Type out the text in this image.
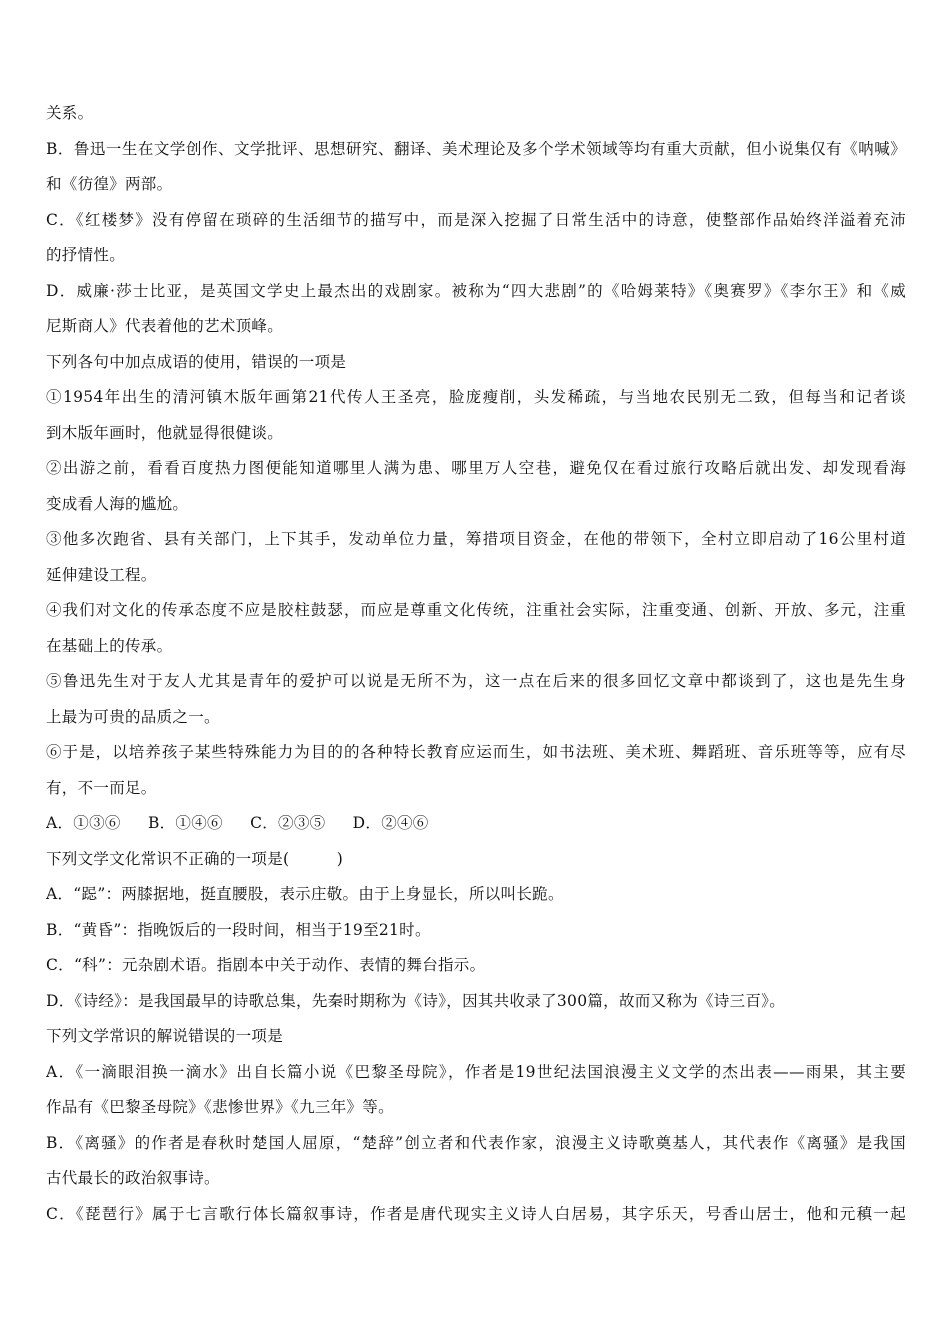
关系。
B．鲁迅一生在文学创作、文学批评、思想研究、翻译、美术理论及多个学术领域等均有重大贡献，但小说集仅有《呐喊》
和《彷徨》两部。
C．《红楼梦》没有停留在琐碎的生活细节的描写中，而是深入挖掘了日常生活中的诗意，使整部作品始终洋溢着充沛
的抒情性。
D．威廉·莎士比亚，是英国文学史上最杰出的戏剧家。被称为“四大悲剧”的《哈姆莱特》《奥赛罗》《李尔王》和《威
尼斯商人》代表着他的艺术顶峰。
下列各句中加点成语的使用，错误的一项是
①1954年出生的清河镇木版年画第21代传人王圣亮，脸庞瘦削，头发稀疏，与当地农民别无二致，但每当和记者谈
到木版年画时，他就显得很健谈。
②出游之前，看看百度热力图便能知道哪里人满为患、哪里万人空巷，避免仅在看过旅行攻略后就出发、却发现看海
变成看人海的尴尬。
③他多次跑省、县有关部门，上下其手，发动单位力量，筹措项目资金，在他的带领下，全村立即启动了16公里村道
延伸建设工程。
④我们对文化的传承态度不应是胶柱鼓瑟，而应是尊重文化传统，注重社会实际，注重变通、创新、开放、多元，注重
在基础上的传承。
⑤鲁迅先生对于友人尤其是青年的爱护可以说是无所不为，这一点在后来的很多回忆文章中都谈到了，这也是先生身
上最为可贵的品质之一。
⑥于是，以培养孩子某些特殊能力为目的的各种特长教育应运而生，如书法班、美术班、舞蹈班、音乐班等等，应有尽
有，不一而足。
A．①③⑥ B．①④⑥ C．②③⑤ D．②④⑥
下列文学文化常识不正确的一项是(　　　)
A．“跽”：两膝据地，挺直腰股，表示庄敬。由于上身显长，所以叫长跪。
B．“黄昏”：指晚饭后的一段时间，相当于19至21时。
C．“科”：元杂剧术语。指剧本中关于动作、表情的舞台指示。
D．《诗经》：是我国最早的诗歌总集，先秦时期称为《诗》，因其共收录了300篇，故而又称为《诗三百》。
下列文学常识的解说错误的一项是
A．《一滴眼泪换一滴水》出自长篇小说《巴黎圣母院》，作者是19世纪法国浪漫主义文学的杰出表——雨果，其主要
作品有《巴黎圣母院》《悲惨世界》《九三年》等。
B．《离骚》的作者是春秋时楚国人屈原，“楚辞”创立者和代表作家，浪漫主义诗歌奠基人，其代表作《离骚》是我国
古代最长的政治叙事诗。
C．《琵琶行》属于七言歌行体长篇叙事诗，作者是唐代现实主义诗人白居易，其字乐天，号香山居士，他和元稹一起
